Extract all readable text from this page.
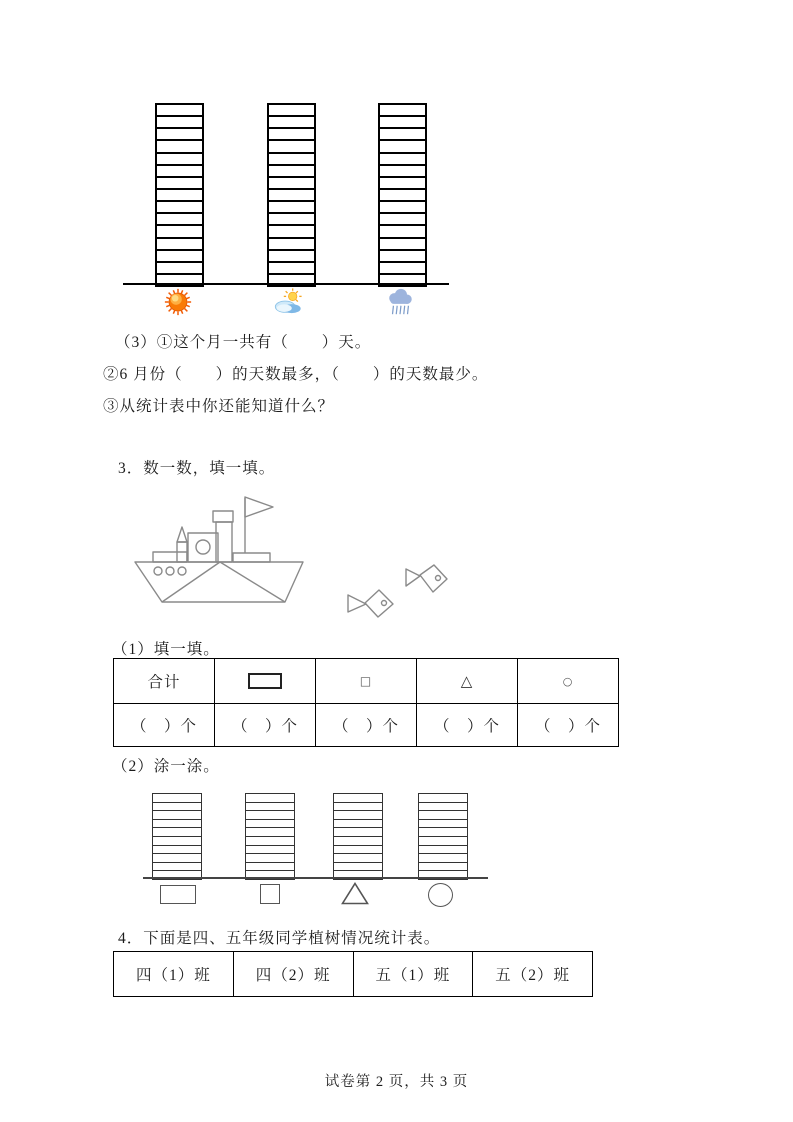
（3）①这个月一共有（　　）天。
②6 月份（　　）的天数最多，（　　）的天数最少。
③从统计表中你还能知道什么？
3．数一数，填一填。
（1）填一填。
合计		□	△	○
（　）个	（　）个	（　）个	（　）个	（　）个
（2）涂一涂。
4．下面是四、五年级同学植树情况统计表。
四（1）班	四（2）班	五（1）班	五（2）班
试卷第 2 页，共 3 页
